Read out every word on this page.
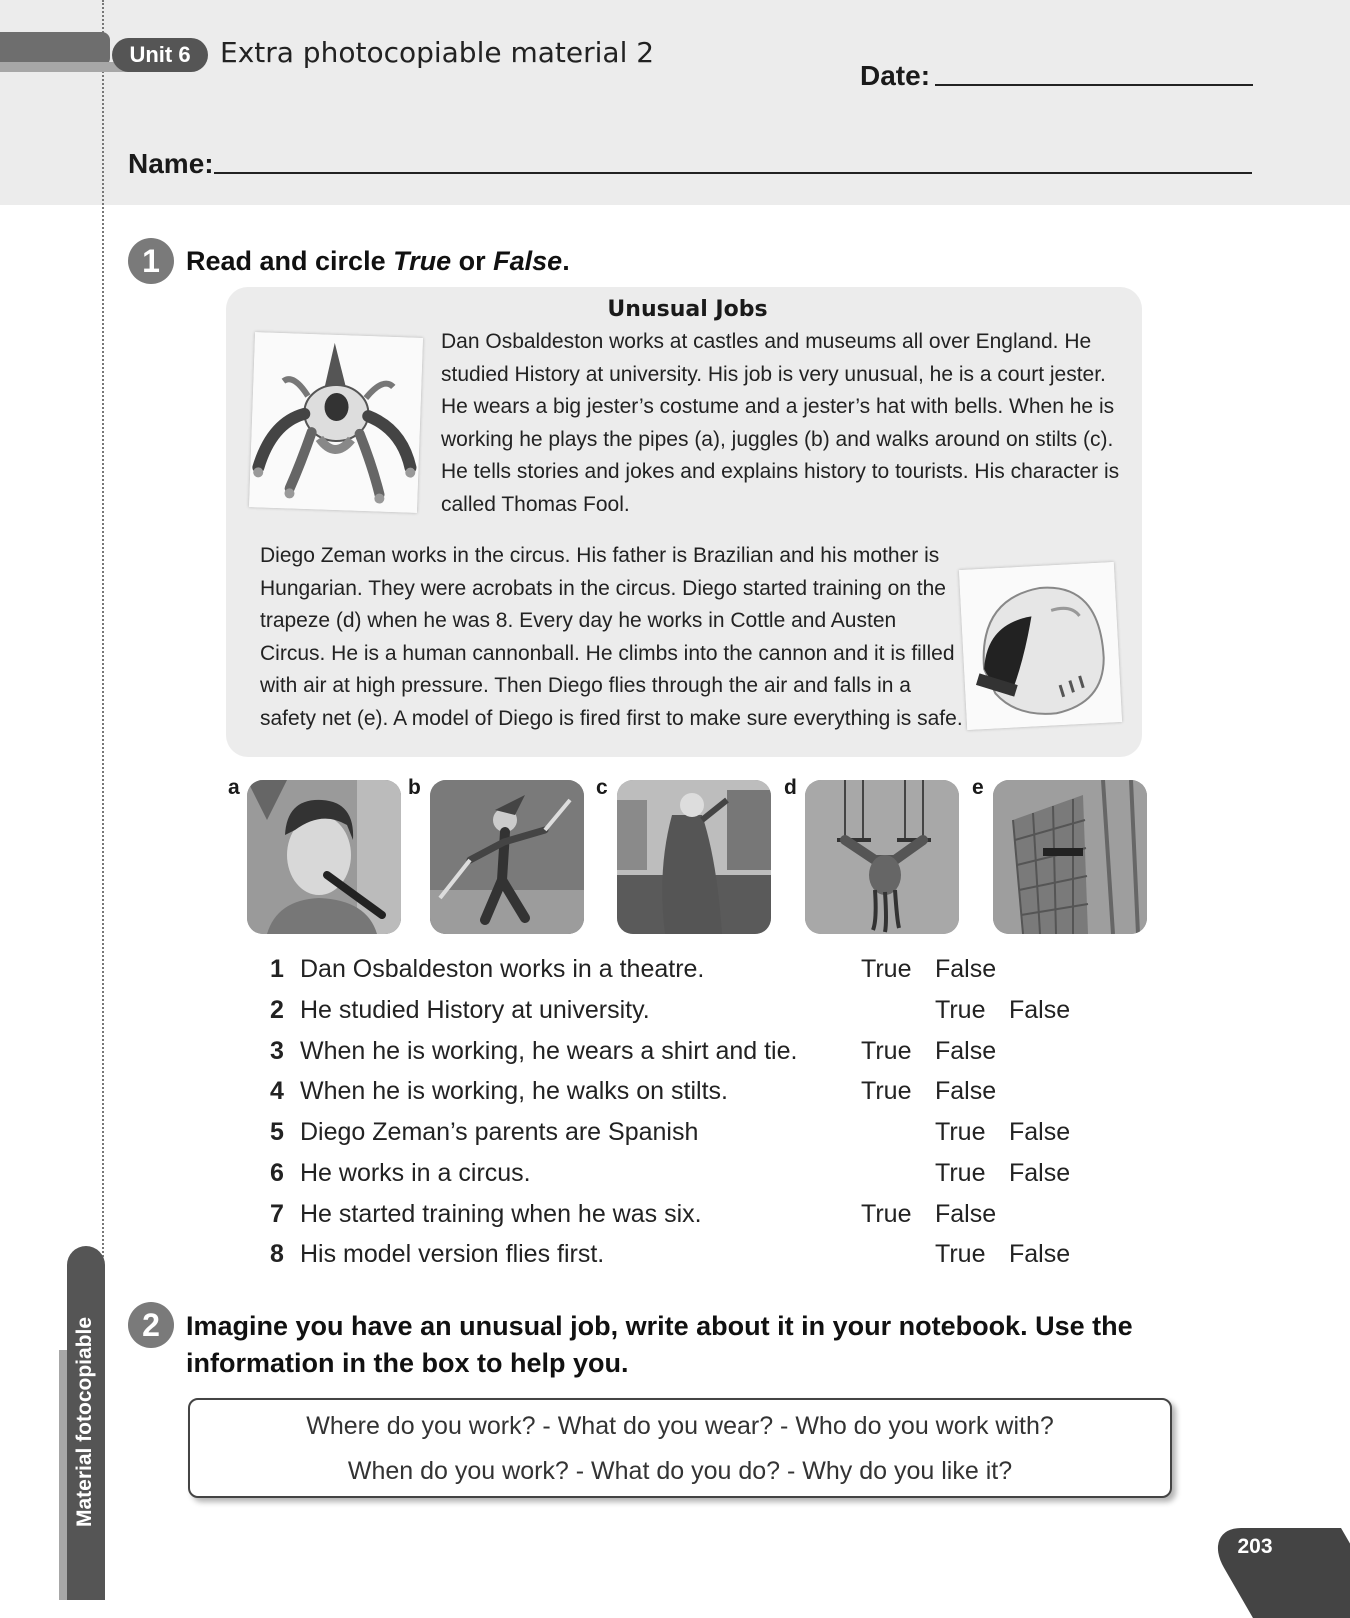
Unit 6	Extra photocopiable material 2
Date:
Name:
1 Read and circle True or False.
Unusual Jobs
Dan Osbaldeston works at castles and museums all over England. He
studied History at university. His job is very unusual, he is a court jester.
He wears a big jester’s costume and a jester’s hat with bells. When he is
working he plays the pipes (a), juggles (b) and walks around on stilts (c).
He tells stories and jokes and explains history to tourists. His character is
called Thomas Fool.
Diego Zeman works in the circus. His father is Brazilian and his mother is
Hungarian. They were acrobats in the circus. Diego started training on the
trapeze (d) when he was 8. Every day he works in Cottle and Austen
Circus. He is a human cannonball. He climbs into the cannon and it is filled
with air at high pressure. Then Diego flies through the air and falls in a
safety net (e). A model of Diego is fired first to make sure everything is safe.
a	b	c	d	e
1 Dan Osbaldeston works in a theatre.	True False
2 He studied History at university.	True False
3 When he is working, he wears a shirt and tie.	True False
4 When he is working, he walks on stilts.	True False
5 Diego Zeman’s parents are Spanish	True False
6 He works in a circus.	True False
7 He started training when he was six.	True False
8 His model version flies first.	True False
2 Imagine you have an unusual job, write about it in your notebook. Use the
information in the box to help you.
Where do you work? - What do you wear? - Who do you work with?
When do you work? - What do you do? - Why do you like it?
Material fotocopiable
203
